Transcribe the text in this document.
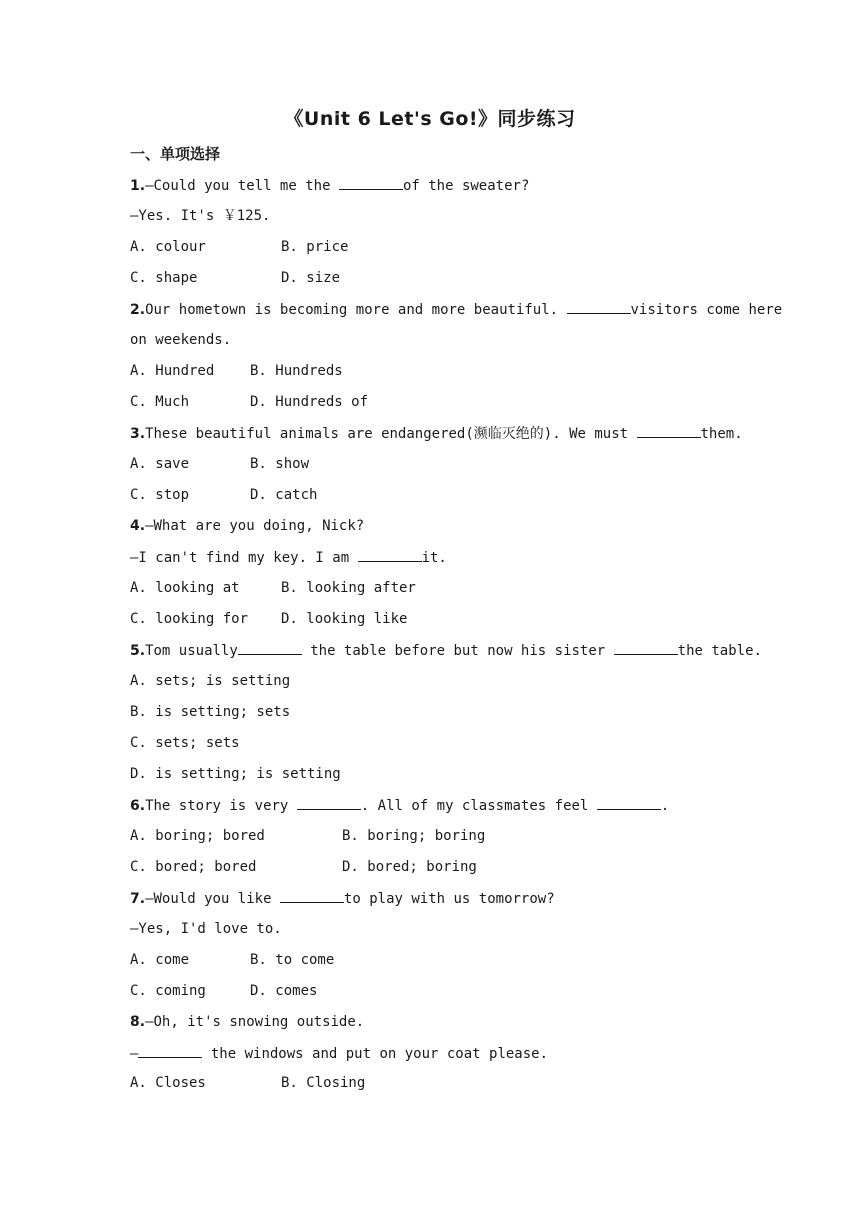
《Unit 6 Let's Go!》同步练习
一、单项选择
1.—Could you tell me the	of the sweater?
—Yes. It's ￥125.
A. colour	B. price
C. shape	D. size
2.Our hometown is becoming more and more beautiful.	visitors come here
on weekends.
A. Hundred	B. Hundreds
C. Much	D. Hundreds of
3.These beautiful animals are endangered(濒临灭绝的). We must	them.
A. save	B. show
C. stop	D. catch
4.—What are you doing, Nick?
—I can't find my key. I am	it.
A. looking at	B. looking after
C. looking for D. looking like
5.Tom usually	the table before but now his sister	the table.
A. sets; is setting
B. is setting; sets
C. sets; sets
D. is setting; is setting
6.The story is very	. All of my classmates feel	.
A. boring; bored	B. boring; boring
C. bored; bored	D. bored; boring
7.—Would you like	to play with us tomorrow?
—Yes, I'd love to.
A. come	B. to come
C. coming	D. comes
8.—Oh, it's snowing outside.
—	the windows and put on your coat please.
A. Closes	B. Closing
